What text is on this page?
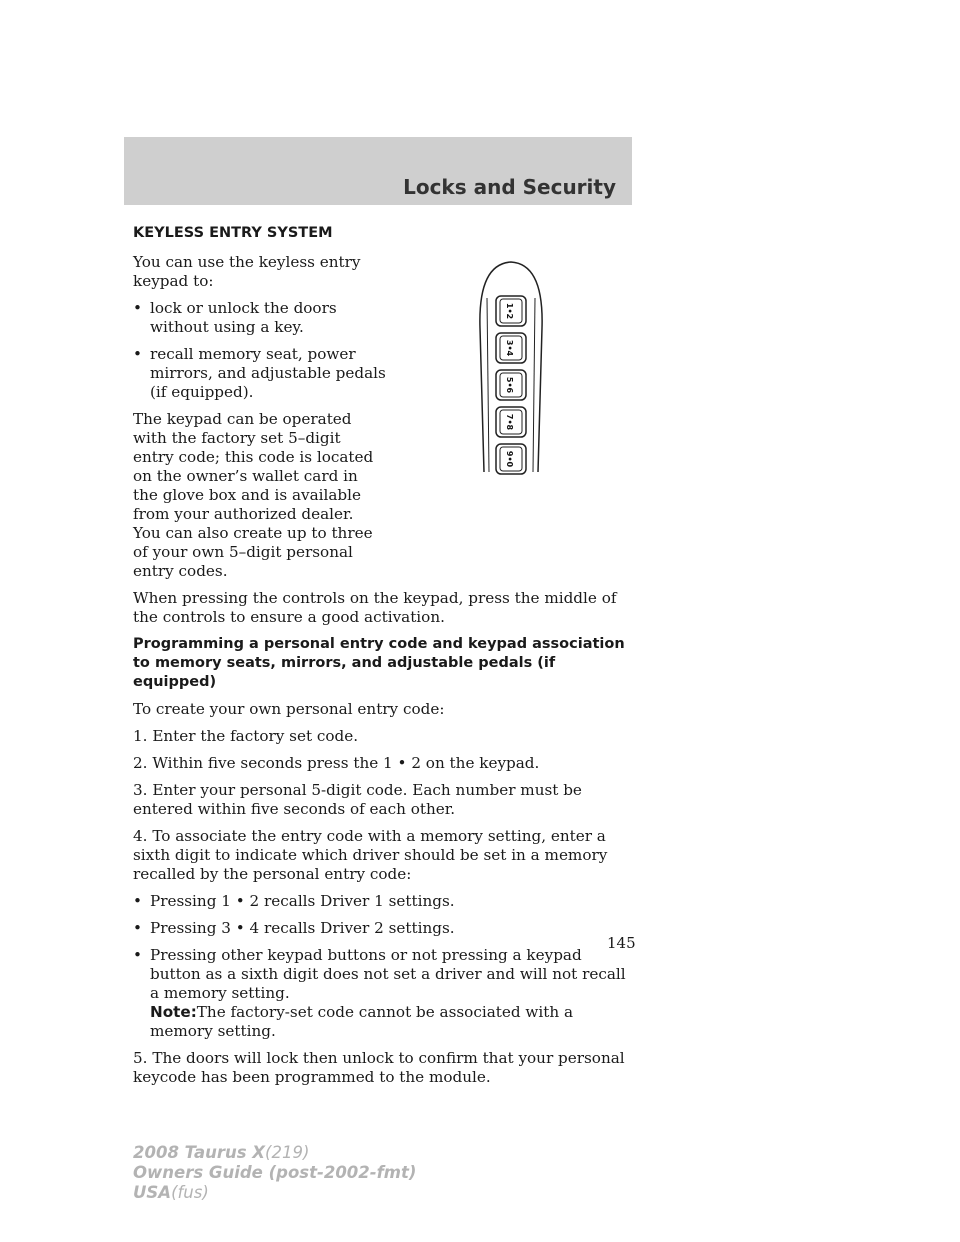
Locks and Security
KEYLESS ENTRY SYSTEM

You can use the keyless entry keypad to:

• lock or unlock the doors without using a key.
• recall memory seat, power mirrors, and adjustable pedals (if equipped).

The keypad can be operated with the factory set 5–digit entry code; this code is located on the owner’s wallet card in the glove box and is available from your authorized dealer. You can also create up to three of your own 5–digit personal entry codes.

When pressing the controls on the keypad, press the middle of the controls to ensure a good activation.

Programming a personal entry code and keypad association to memory seats, mirrors, and adjustable pedals (if equipped)

To create your own personal entry code:

1. Enter the factory set code.

2. Within five seconds press the 1 • 2 on the keypad.

3. Enter your personal 5-digit code. Each number must be entered within five seconds of each other.

4. To associate the entry code with a memory setting, enter a sixth digit to indicate which driver should be set in a memory recalled by the personal entry code:

• Pressing 1 • 2 recalls Driver 1 settings.
• Pressing 3 • 4 recalls Driver 2 settings.
• Pressing other keypad buttons or not pressing a keypad button as a sixth digit does not set a driver and will not recall a memory setting.
Note:The factory-set code cannot be associated with a memory setting.

5. The doors will lock then unlock to confirm that your personal keycode has been programmed to the module.

1•2
3•4
5•6
7•8
9•0

145

2008 Taurus X(219)
Owners Guide (post-2002-fmt)
USA(fus)
